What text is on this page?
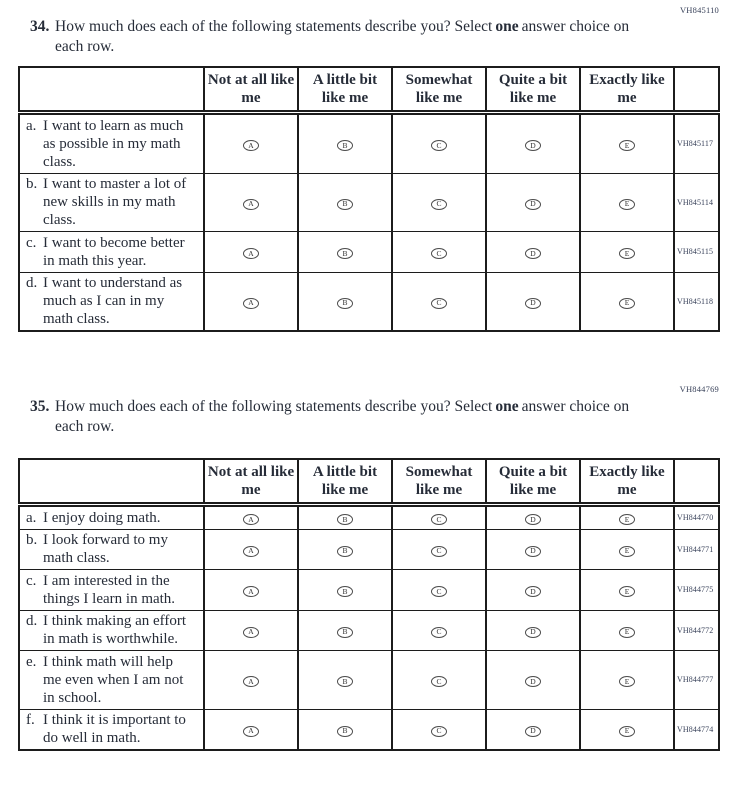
VH845110
34. How much does each of the following statements describe you? Select one answer choice on each row.
	Not at all like me	A little bit like me	Somewhat like me	Quite a bit like me	Exactly like me	

a. I want to learn as much as possible in my math class.	A	B	C	D	E	VH845117

b. I want to master a lot of new skills in my math class.	A	B	C	D	E	VH845114

c. I want to become better in math this year.	A	B	C	D	E	VH845115

d. I want to understand as much as I can in my math class.	A	B	C	D	E	VH845118
VH844769
35. How much does each of the following statements describe you? Select one answer choice on each row.
	Not at all like me	A little bit like me	Somewhat like me	Quite a bit like me	Exactly like me	

a. I enjoy doing math.	A	B	C	D	E	VH844770

b. I look forward to my math class.	A	B	C	D	E	VH844771

c. I am interested in the things I learn in math.	A	B	C	D	E	VH844775

d. I think making an effort in math is worthwhile.	A	B	C	D	E	VH844772

e. I think math will help me even when I am not in school.	A	B	C	D	E	VH844777

f. I think it is important to do well in math.	A	B	C	D	E	VH844774
